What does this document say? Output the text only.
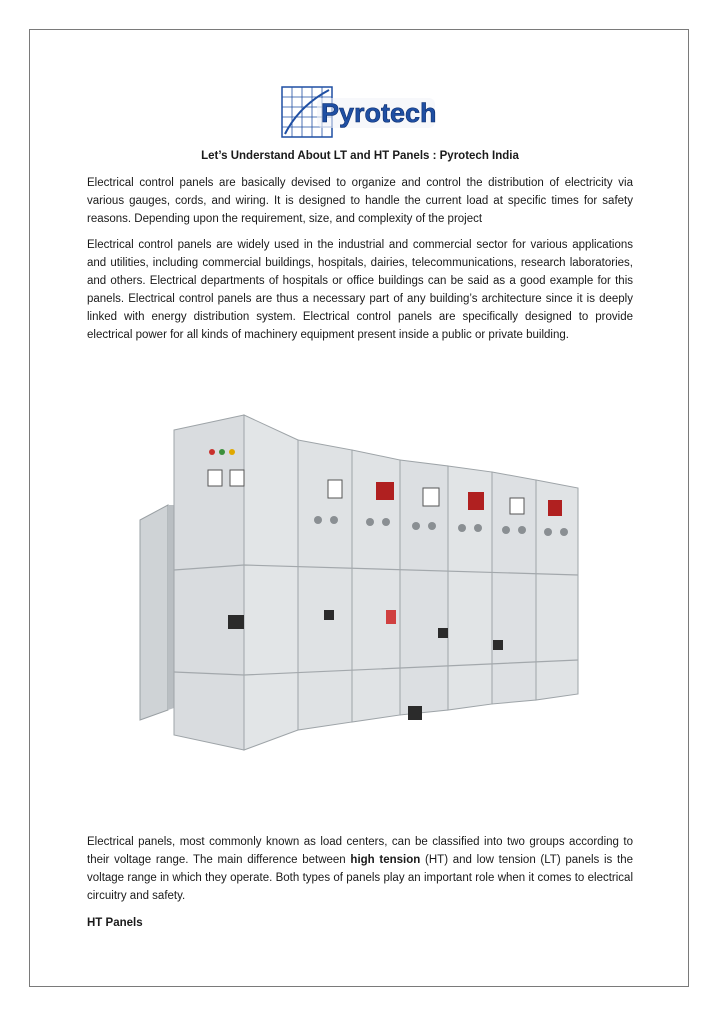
Pyrotech
Let’s Understand About LT and HT Panels : Pyrotech India

Electrical control panels are basically devised to organize and control the distribution of electricity via various gauges, cords, and wiring. It is designed to handle the current load at specific times for safety reasons. Depending upon the requirement, size, and complexity of the project

Electrical control panels are widely used in the industrial and commercial sector for various applications and utilities, including commercial buildings, hospitals, dairies, telecommunications, research laboratories, and others. Electrical departments of hospitals or office buildings can be said as a good example for this panels. Electrical control panels are thus a necessary part of any building’s architecture since it is deeply linked with energy distribution system. Electrical control panels are specifically designed to provide electrical power for all kinds of machinery equipment present inside a public or private building.

Electrical panels, most commonly known as load centers, can be classified into two groups according to their voltage range. The main difference between high tension (HT) and low tension (LT) panels is the voltage range in which they operate. Both types of panels play an important role when it comes to electrical circuitry and safety.

HT Panels
